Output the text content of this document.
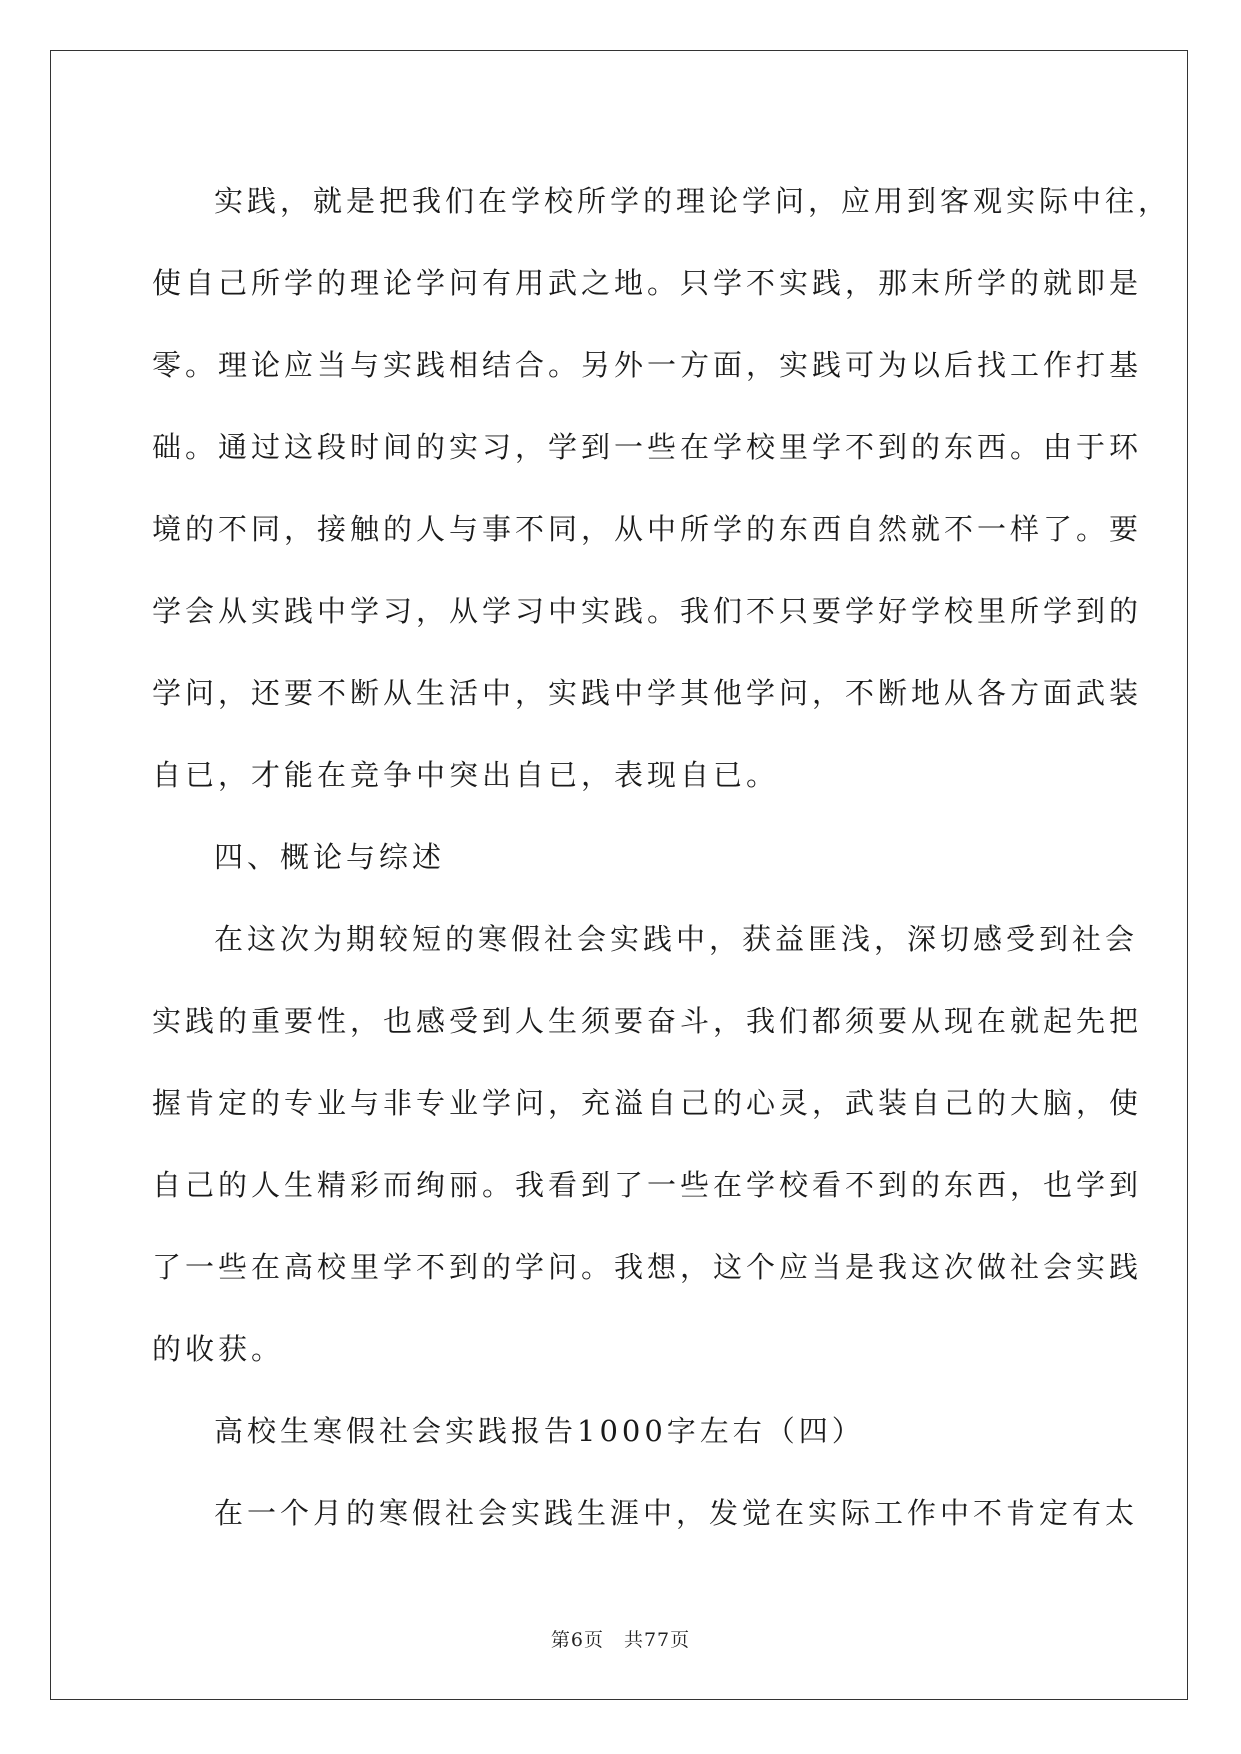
实践，就是把我们在学校所学的理论学问，应用到客观实际中往，
使自己所学的理论学问有用武之地。只学不实践，那末所学的就即是
零。理论应当与实践相结合。另外一方面，实践可为以后找工作打基
础。通过这段时间的实习，学到一些在学校里学不到的东西。由于环
境的不同，接触的人与事不同，从中所学的东西自然就不一样了。要
学会从实践中学习，从学习中实践。我们不只要学好学校里所学到的
学问，还要不断从生活中，实践中学其他学问，不断地从各方面武装
自已，才能在竞争中突出自已，表现自已。
四、概论与综述
在这次为期较短的寒假社会实践中，获益匪浅，深切感受到社会
实践的重要性，也感受到人生须要奋斗，我们都须要从现在就起先把
握肯定的专业与非专业学问，充溢自己的心灵，武装自己的大脑，使
自己的人生精彩而绚丽。我看到了一些在学校看不到的东西，也学到
了一些在高校里学不到的学问。我想，这个应当是我这次做社会实践
的收获。
高校生寒假社会实践报告1000字左右（四）
在一个月的寒假社会实践生涯中，发觉在实际工作中不肯定有太
第6页　共77页
